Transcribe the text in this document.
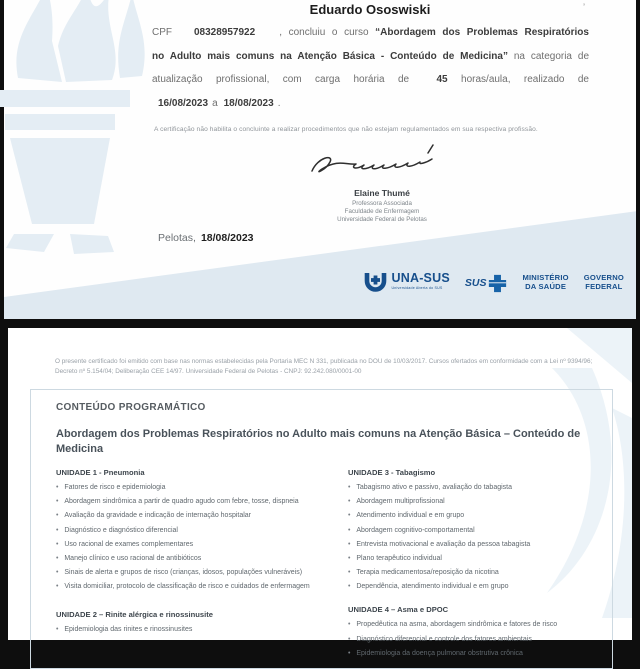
Eduardo Ososwiski	’
CPF 08328957922 , concluiu o curso “Abordagem dos Problemas Respiratórios no Adulto mais comuns na Atenção Básica - Conteúdo de Medicina” na categoria de atualização profissional, com carga horária de 45 horas/aula, realizado de 16/08/2023 a 18/08/2023 .
A certificação não habilita o concluinte a realizar procedimentos que não estejam regulamentados em sua respectiva profissão.
Elaine Thumé
Professora Associada
Faculdade de Enfermagem
Universidade Federal de Pelotas
Pelotas, 18/08/2023
UNA-SUS
Universidade Aberta do SUS	SUS	MINISTÉRIO
DA SAÚDE
GOVERNO
FEDERAL
O presente certificado foi emitido com base nas normas estabelecidas pela Portaria MEC N 331, publicada no DOU de 10/03/2017. Cursos ofertados em conformidade com a Lei nº 9394/96; Decreto nº 5.154/04; Deliberação CEE 14/97. Universidade Federal de Pelotas - CNPJ: 92.242.080/0001-00
CONTEÚDO PROGRAMÁTICO
Abordagem dos Problemas Respiratórios no Adulto mais comuns na Atenção Básica – Conteúdo de Medicina
UNIDADE 1 - Pneumonia
•  Fatores de risco e epidemiologia
•  Abordagem sindrômica a partir de quadro agudo com febre, tosse, dispneia
•  Avaliação da gravidade e indicação de internação hospitalar
•  Diagnóstico e diagnóstico diferencial
•  Uso racional de exames complementares
•  Manejo clínico e uso racional de antibióticos
•  Sinais de alerta e grupos de risco (crianças, idosos, populações vulneráveis)
•  Visita domiciliar, protocolo de classificação de risco e cuidados de enfermagem
UNIDADE 2 – Rinite alérgica e rinossinusite
•  Epidemiologia das rinites e rinossinusites
UNIDADE 3 - Tabagismo
•  Tabagismo ativo e passivo, avaliação do tabagista
•  Abordagem multiprofissional
•  Atendimento individual e em grupo
•  Abordagem cognitivo-comportamental
•  Entrevista motivacional e avaliação da pessoa tabagista
•  Plano terapêutico individual
•  Terapia medicamentosa/reposição da nicotina
•  Dependência, atendimento individual e em grupo
UNIDADE 4 – Asma e DPOC
•  Propedêutica na asma, abordagem sindrômica e fatores de risco
•  Diagnóstico diferencial e controle dos fatores ambientais
•  Epidemiologia da doença pulmonar obstrutiva crônica
